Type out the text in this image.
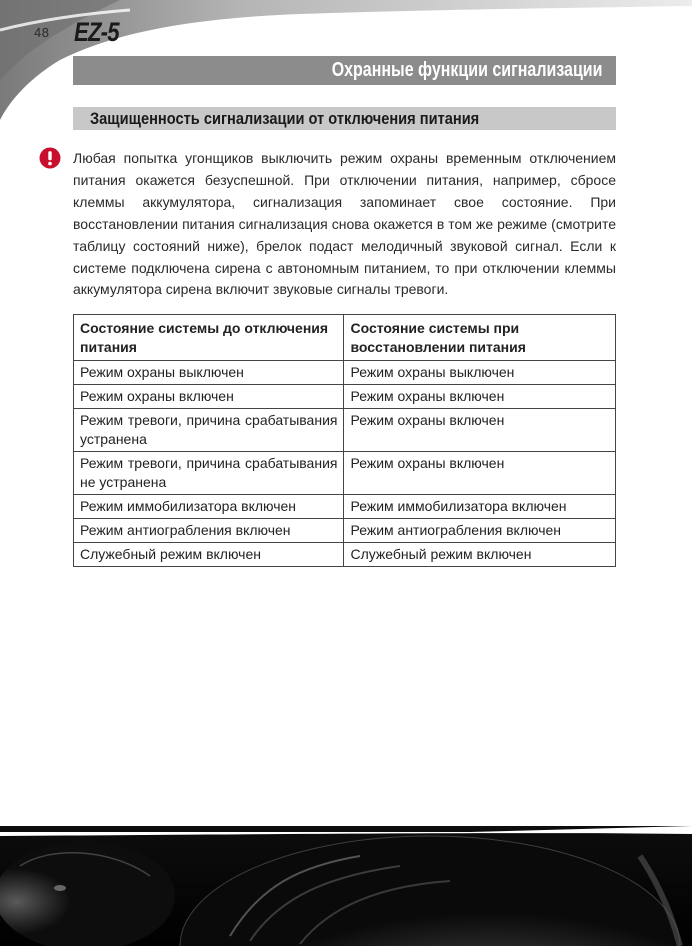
48 EZ-5
Охранные функции сигнализации
Защищенность сигнализации от отключения питания

Любая попытка угонщиков выключить режим охраны временным отключением питания окажется безуспешной. При отключении питания, например, сбросе клеммы аккумулятора, сигнализация запоминает свое состояние. При восстановлении питания сигнализация снова окажется в том же режиме (смотрите таблицу состояний ниже), брелок подаст мелодичный звуковой сигнал. Если к системе подключена сирена с автономным питанием, то при отключении клеммы аккумулятора сирена включит звуковые сигналы тревоги.

Состояние системы до отключения питания	Состояние системы при восстановлении питания
Режим охраны выключен	Режим охраны выключен
Режим охраны включен	Режим охраны включен
Режим тревоги, причина срабатывания устранена	Режим охраны включен
Режим тревоги, причина срабатывания не устранена	Режим охраны включен
Режим иммобилизатора включен	Режим иммобилизатора включен
Режим антиограбления включен	Режим антиограбления включен
Служебный режим включен	Служебный режим включен
